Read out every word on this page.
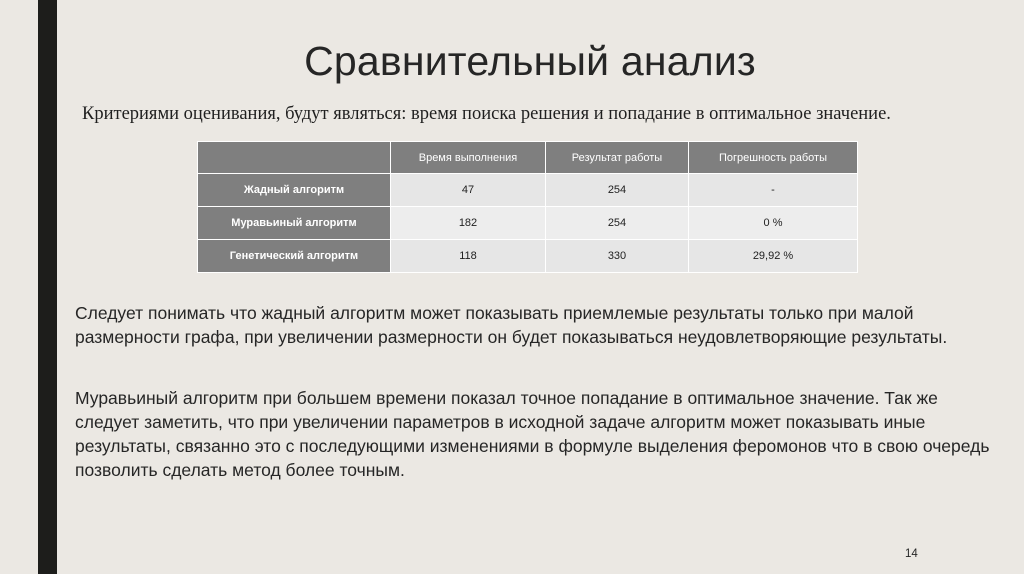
Сравнительный анализ
Критериями оценивания, будут являться: время поиска решения и попадание в оптимальное значение.
	Время выполнения	Результат работы	Погрешность работы
Жадный алгоритм	47	254	-
Муравьиный алгоритм	182	254	0 %
Генетический алгоритм	118	330	29,92 %
Следует понимать что жадный алгоритм может показывать приемлемые результаты только при малой размерности графа, при увеличении размерности он будет показываться неудовлетворяющие результаты.
Муравьиный алгоритм при большем времени показал точное попадание в оптимальное значение. Так же следует заметить, что при увеличении параметров в исходной задаче алгоритм может показывать иные результаты, связанно это с последующими изменениями в формуле выделения феромонов что в свою очередь позволить сделать метод более точным.
14
